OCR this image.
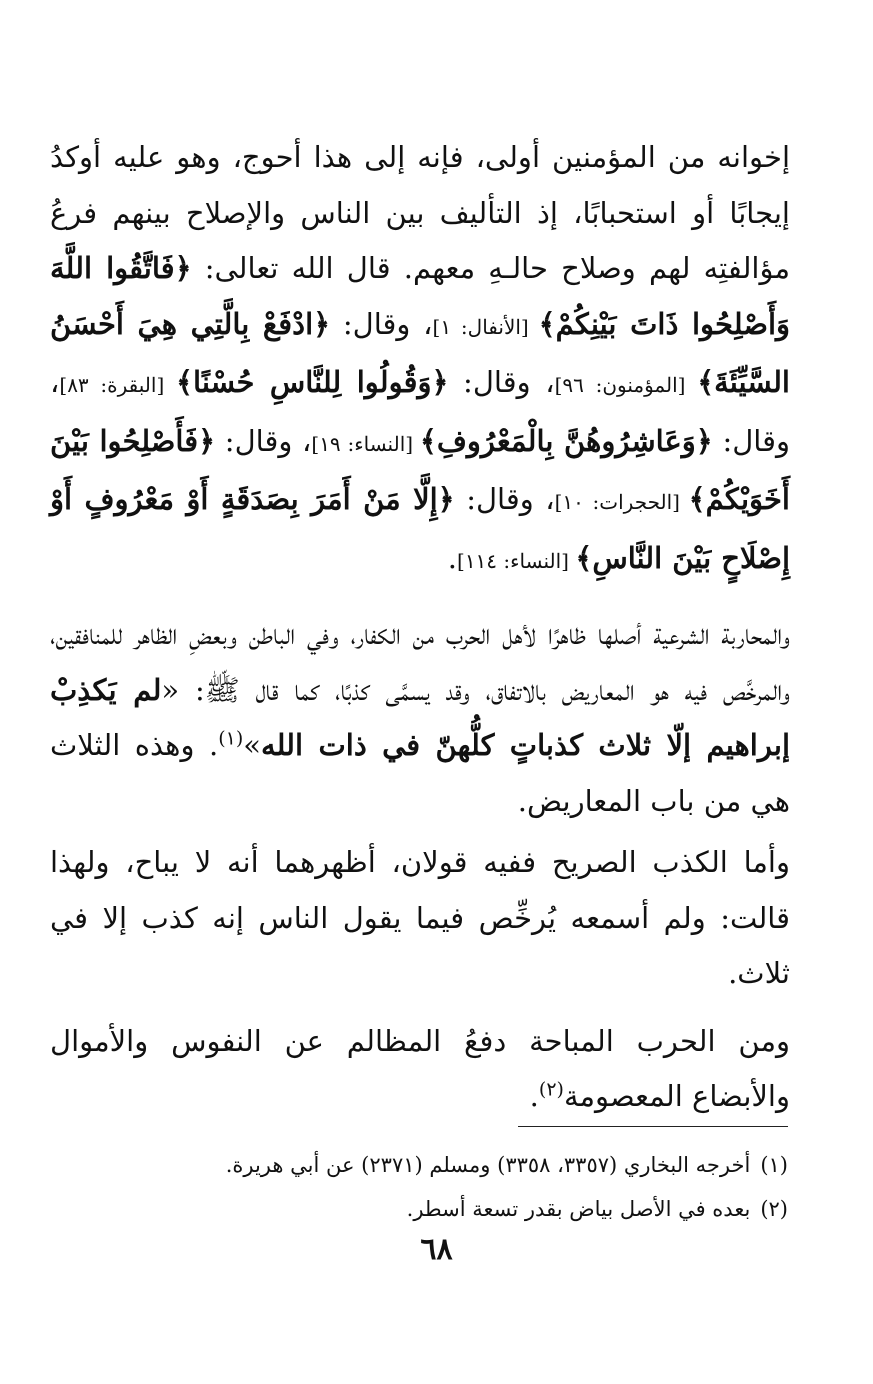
إخوانه من المؤمنين أولى، فإنه إلى هذا أحوج، وهو عليه أوكدُ إيجابًا أو استحبابًا، إذ التأليف بين الناس والإصلاح بينهم فرعُ مؤالفتِه لهم وصلاح حالـهِ معهم. قال الله تعالى: ﴿فَاتَّقُوا اللَّهَ وَأَصْلِحُوا ذَاتَ بَيْنِكُمْ﴾ [الأنفال: ١]، وقال: ﴿ادْفَعْ بِالَّتِي هِيَ أَحْسَنُ السَّيِّئَةَ﴾ [المؤمنون: ٩٦]، وقال: ﴿وَقُولُوا لِلنَّاسِ حُسْنًا﴾ [البقرة: ٨٣]، وقال: ﴿وَعَاشِرُوهُنَّ بِالْمَعْرُوفِ﴾ [النساء: ١٩]، وقال: ﴿فَأَصْلِحُوا بَيْنَ أَخَوَيْكُمْ﴾ [الحجرات: ١٠]، وقال: ﴿إِلَّا مَنْ أَمَرَ بِصَدَقَةٍ أَوْ مَعْرُوفٍ أَوْ إِصْلَاحٍ بَيْنَ النَّاسِ﴾ [النساء: ١١٤].

والمحاربة الشرعية أصلها ظاهرًا لأهل الحرب من الكفار، وفي الباطن وبعضِ الظاهر للمنافقين، والمرخَّص فيه هو المعاريض بالاتفاق، وقد يسمَّى كذبًا، كما قال ﷺ: «لم يَكذِبْ إبراهيم إلّا ثلاث كذباتٍ كلُّهنّ في ذات الله»$^{(١)}$. وهذه الثلاث هي من باب المعاريض.

وأما الكذب الصريح ففيه قولان، أظهرهما أنه لا يباح، ولهذا قالت: ولم أسمعه يُرخِّص فيما يقول الناس إنه كذب إلا في ثلاث.

ومن الحرب المباحة دفعُ المظالم عن النفوس والأموال والأبضاع المعصومة$^{(٢)}$.

(١)أخرجه البخاري (٣٣٥٧، ٣٣٥٨) ومسلم (٢٣٧١) عن أبي هريرة.
(٢)بعده في الأصل بياض بقدر تسعة أسطر.
٦٨
